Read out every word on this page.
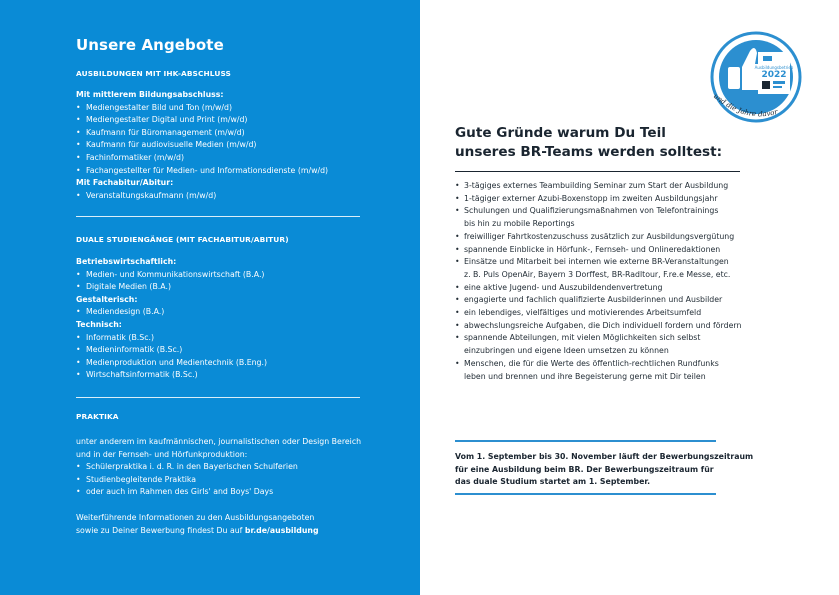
Unsere Angebote
AUSBILDUNGEN MIT IHK-ABSCHLUSS
Mit mittlerem Bildungsabschluss:
• Mediengestalter Bild und Ton (m/w/d)
• Mediengestalter Digital und Print (m/w/d)
• Kaufmann für Büromanagement (m/w/d)
• Kaufmann für audiovisuelle Medien (m/w/d)
• Fachinformatiker (m/w/d)
• Fachangestellter für Medien- und Informationsdienste (m/w/d)
Mit Fachabitur/Abitur:
• Veranstaltungskaufmann (m/w/d)
DUALE STUDIENGÄNGE (MIT FACHABITUR/ABITUR)
Betriebswirtschaftlich:
• Medien- und Kommunikationswirtschaft (B.A.)
• Digitale Medien (B.A.)
Gestalterisch:
• Mediendesign (B.A.)
Technisch:
• Informatik (B.Sc.)
• Medieninformatik (B.Sc.)
• Medienproduktion und Medientechnik (B.Eng.)
• Wirtschaftsinformatik (B.Sc.)
PRAKTIKA
unter anderem im kaufmännischen, journalistischen oder Design Bereich
und in der Fernseh- und Hörfunkproduktion:
• Schülerpraktika i. d. R. in den Bayerischen Schulferien
• Studienbegleitende Praktika
• oder auch im Rahmen des Girls' and Boys' Days
Weiterführende Informationen zu den Ausbildungsangeboten
sowie zu Deiner Bewerbung findest Du auf br.de/ausbildung
Ausbildungsbetrieb
2022
und die Jahre davor
Gute Gründe warum Du Teil
unseres BR-Teams werden solltest:
• 3-tägiges externes Teambuilding Seminar zum Start der Ausbildung
• 1-tägiger externer Azubi-Boxenstopp im zweiten Ausbildungsjahr
• Schulungen und Qualifizierungsmaßnahmen von Telefontrainings
bis hin zu mobile Reportings
• freiwilliger Fahrtkostenzuschuss zusätzlich zur Ausbildungsvergütung
• spannende Einblicke in Hörfunk-, Fernseh- und Onlineredaktionen
• Einsätze und Mitarbeit bei internen wie externe BR-Veranstaltungen
z. B. Puls OpenAir, Bayern 3 Dorffest, BR-Radltour, F.re.e Messe, etc.
• eine aktive Jugend- und Auszubildendenvertretung
• engagierte und fachlich qualifizierte Ausbilderinnen und Ausbilder
• ein lebendiges, vielfältiges und motivierendes Arbeitsumfeld
• abwechslungsreiche Aufgaben, die Dich individuell fordern und fördern
• spannende Abteilungen, mit vielen Möglichkeiten sich selbst
einzubringen und eigene Ideen umsetzen zu können
• Menschen, die für die Werte des öffentlich-rechtlichen Rundfunks
leben und brennen und ihre Begeisterung gerne mit Dir teilen
Vom 1. September bis 30. November läuft der Bewerbungszeitraum
für eine Ausbildung beim BR. Der Bewerbungszeitraum für
das duale Studium startet am 1. September.
